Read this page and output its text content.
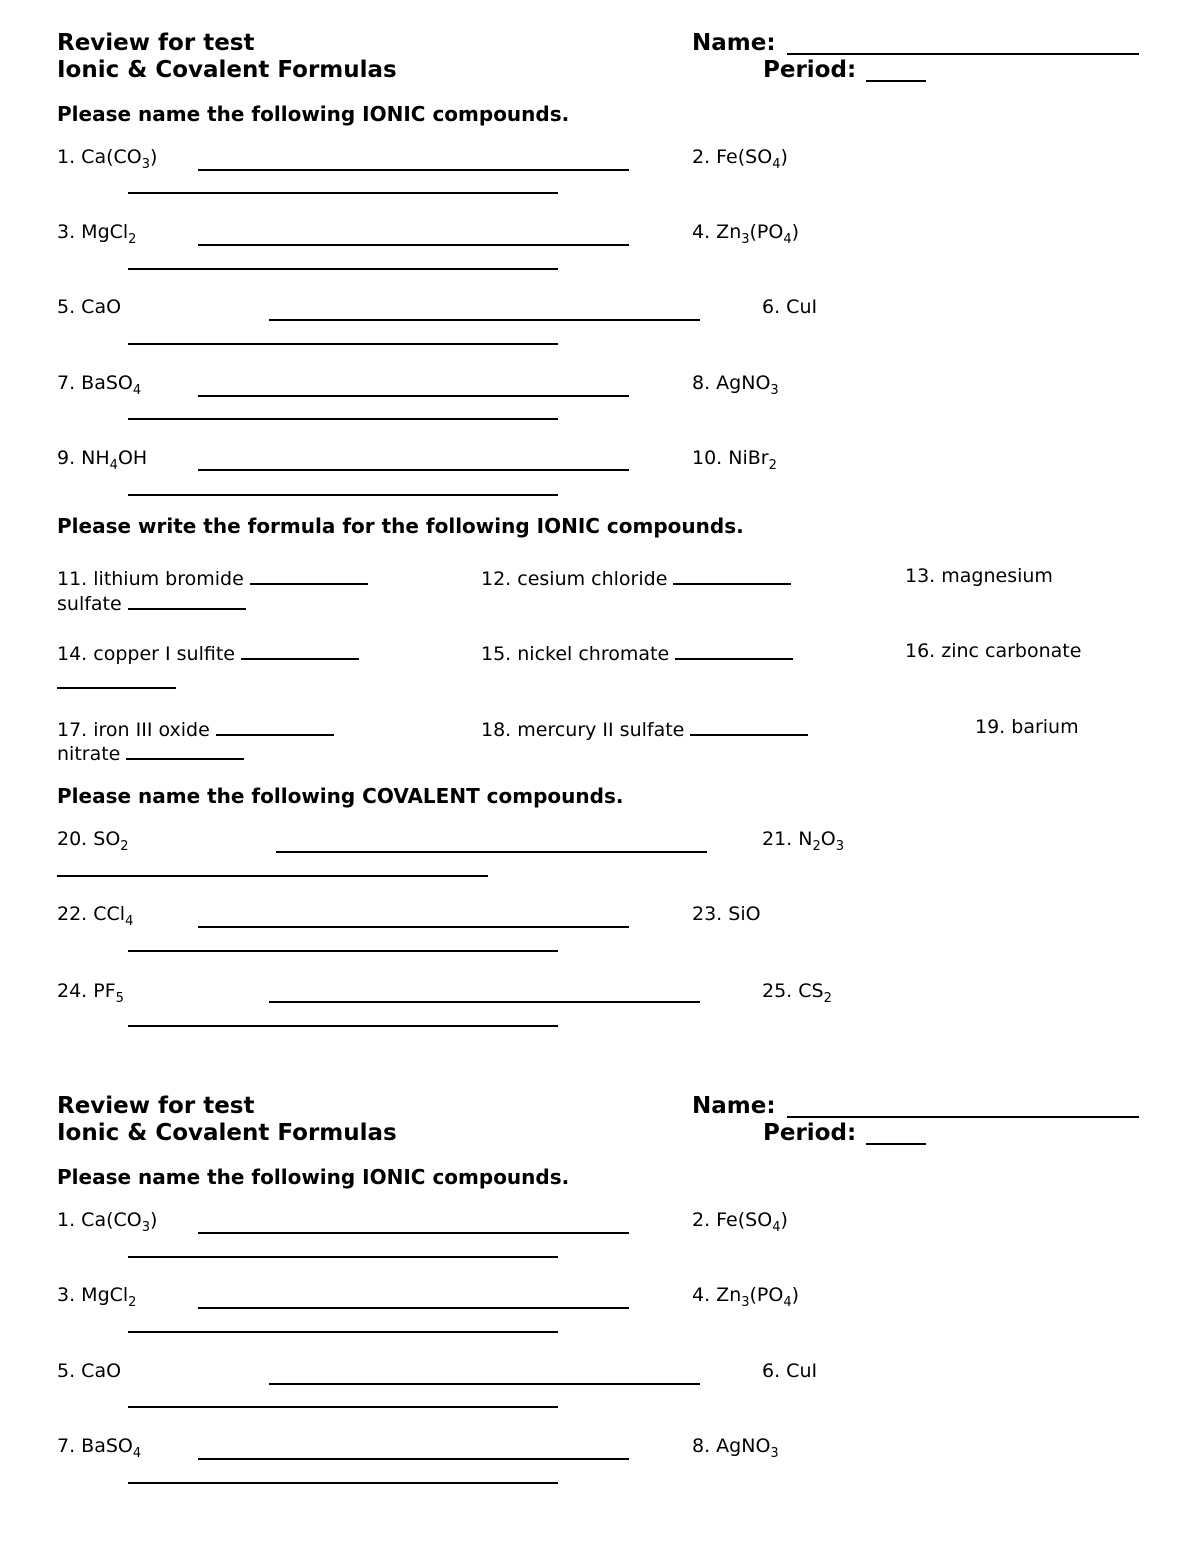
Review for test
Ionic & Covalent Formulas
Name:
Period:
Please name the following IONIC compounds.
1. $Ca(CO_3)$	2. $Fe(SO_4)$
3. MgCl$_2$	4. $Zn_3(PO_4)$
5. CaO	6. CuI
7. BaSO$_4$	8. AgNO$_3$
9. $NH_4OH$	10. NiBr$_2$
Please write the formula for the following IONIC compounds.
11. lithium bromide	12. cesium chloride	13. magnesium
sulfate
14. copper I sulfite	15. nickel chromate	16. zinc carbonate
17. iron III oxide	18. mercury II sulfate	19. barium
nitrate
Please name the following COVALENT compounds.
20. $SO_2$	21. $N_2O_3$
22. CCl$_4$	23. SiO
24. $PF_5$	25. $CS_2$
Review for test
Ionic & Covalent Formulas
Name:
Period:
Please name the following IONIC compounds.
1. $Ca(CO_3)$	2. $Fe(SO_4)$
3. MgCl$_2$	4. $Zn_3(PO_4)$
5. CaO	6. CuI
7. BaSO$_4$	8. AgNO$_3$
